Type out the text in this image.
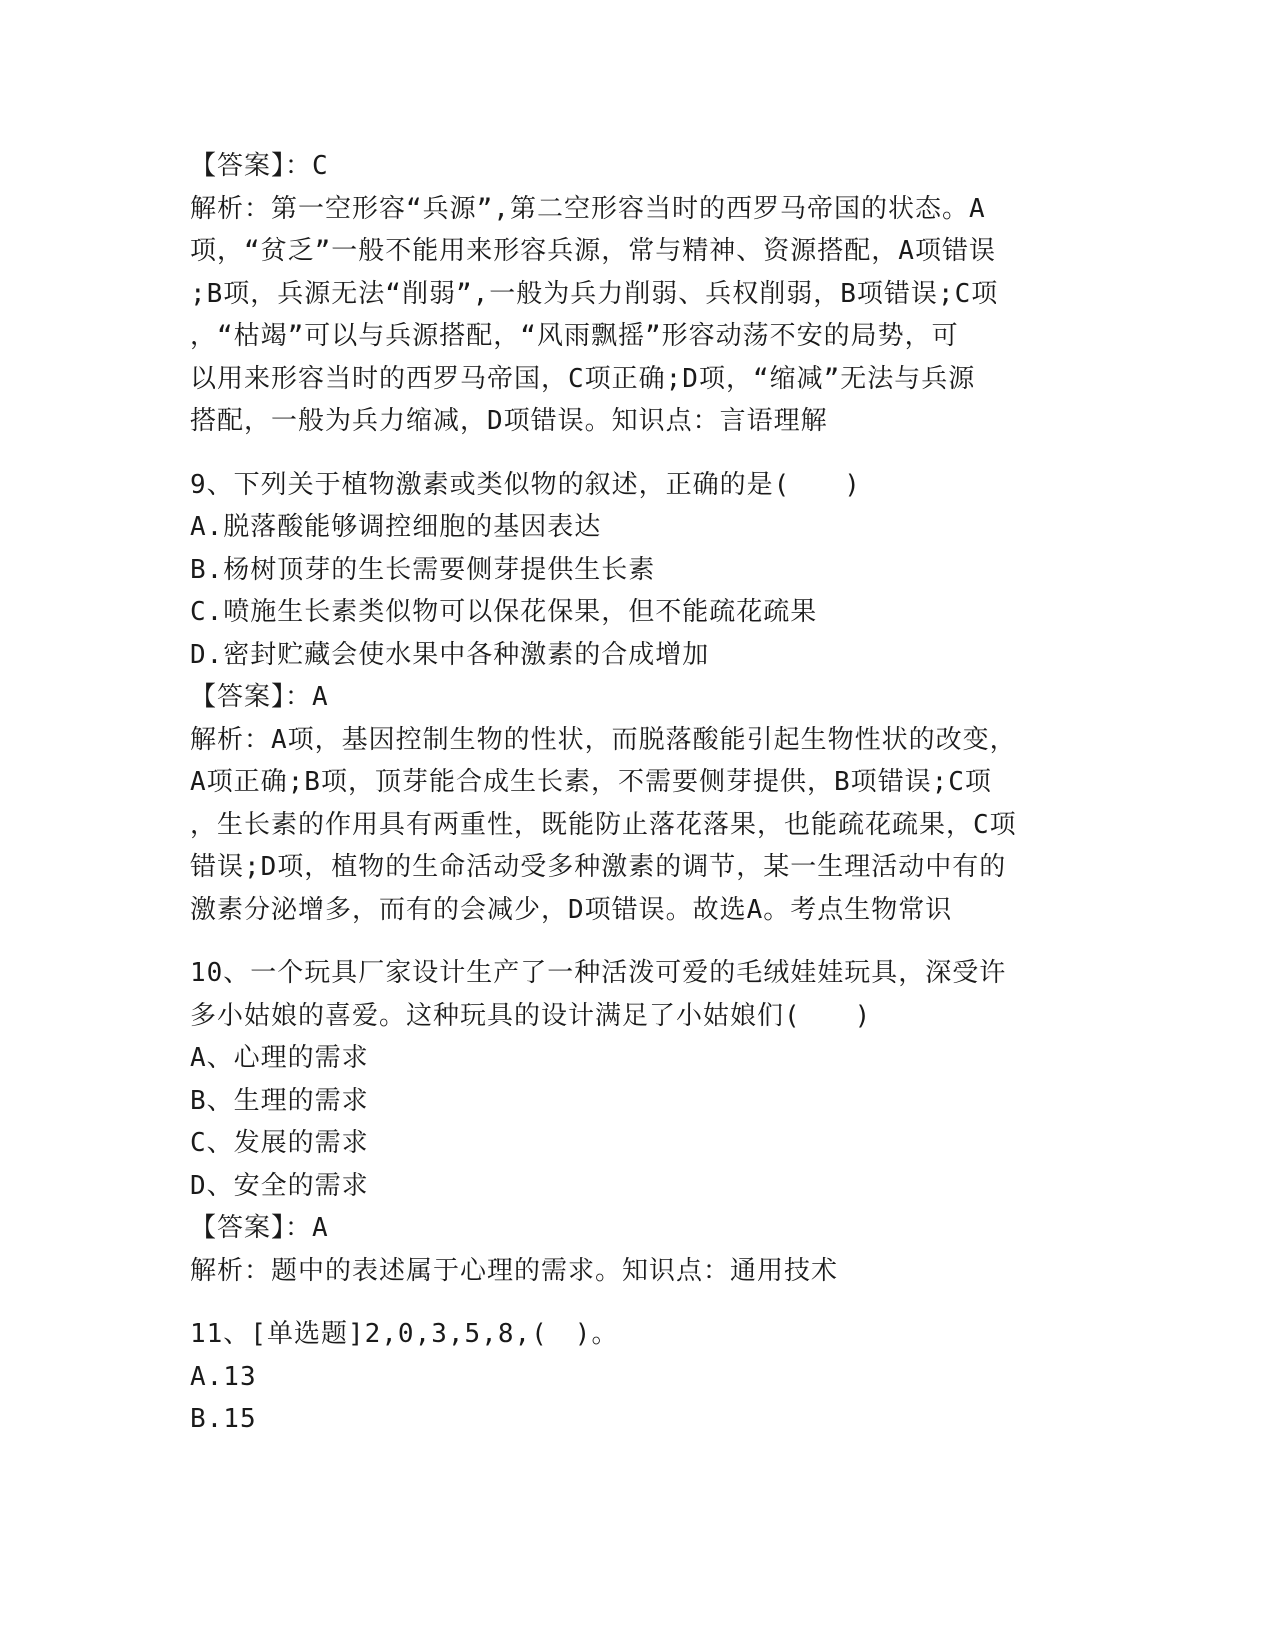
【答案】：C
解析：第一空形容“兵源”,第二空形容当时的西罗马帝国的状态。A
项，“贫乏”一般不能用来形容兵源，常与精神、资源搭配，A项错误
;B项，兵源无法“削弱”,一般为兵力削弱、兵权削弱，B项错误;C项
，“枯竭”可以与兵源搭配，“风雨飘摇”形容动荡不安的局势，可
以用来形容当时的西罗马帝国，C项正确;D项，“缩减”无法与兵源
搭配，一般为兵力缩减，D项错误。知识点：言语理解
9、下列关于植物激素或类似物的叙述，正确的是(　　)
A.脱落酸能够调控细胞的基因表达
B.杨树顶芽的生长需要侧芽提供生长素
C.喷施生长素类似物可以保花保果，但不能疏花疏果
D.密封贮藏会使水果中各种激素的合成增加
【答案】：A
解析：A项，基因控制生物的性状，而脱落酸能引起生物性状的改变，
A项正确;B项，顶芽能合成生长素，不需要侧芽提供，B项错误;C项
，生长素的作用具有两重性，既能防止落花落果，也能疏花疏果，C项
错误;D项，植物的生命活动受多种激素的调节，某一生理活动中有的
激素分泌增多，而有的会减少，D项错误。故选A。考点生物常识
10、一个玩具厂家设计生产了一种活泼可爱的毛绒娃娃玩具，深受许
多小姑娘的喜爱。这种玩具的设计满足了小姑娘们(　　)
A、心理的需求
B、生理的需求
C、发展的需求
D、安全的需求
【答案】：A
解析：题中的表述属于心理的需求。知识点：通用技术
11、[单选题]2,0,3,5,8,(　)。
A.13
B.15
